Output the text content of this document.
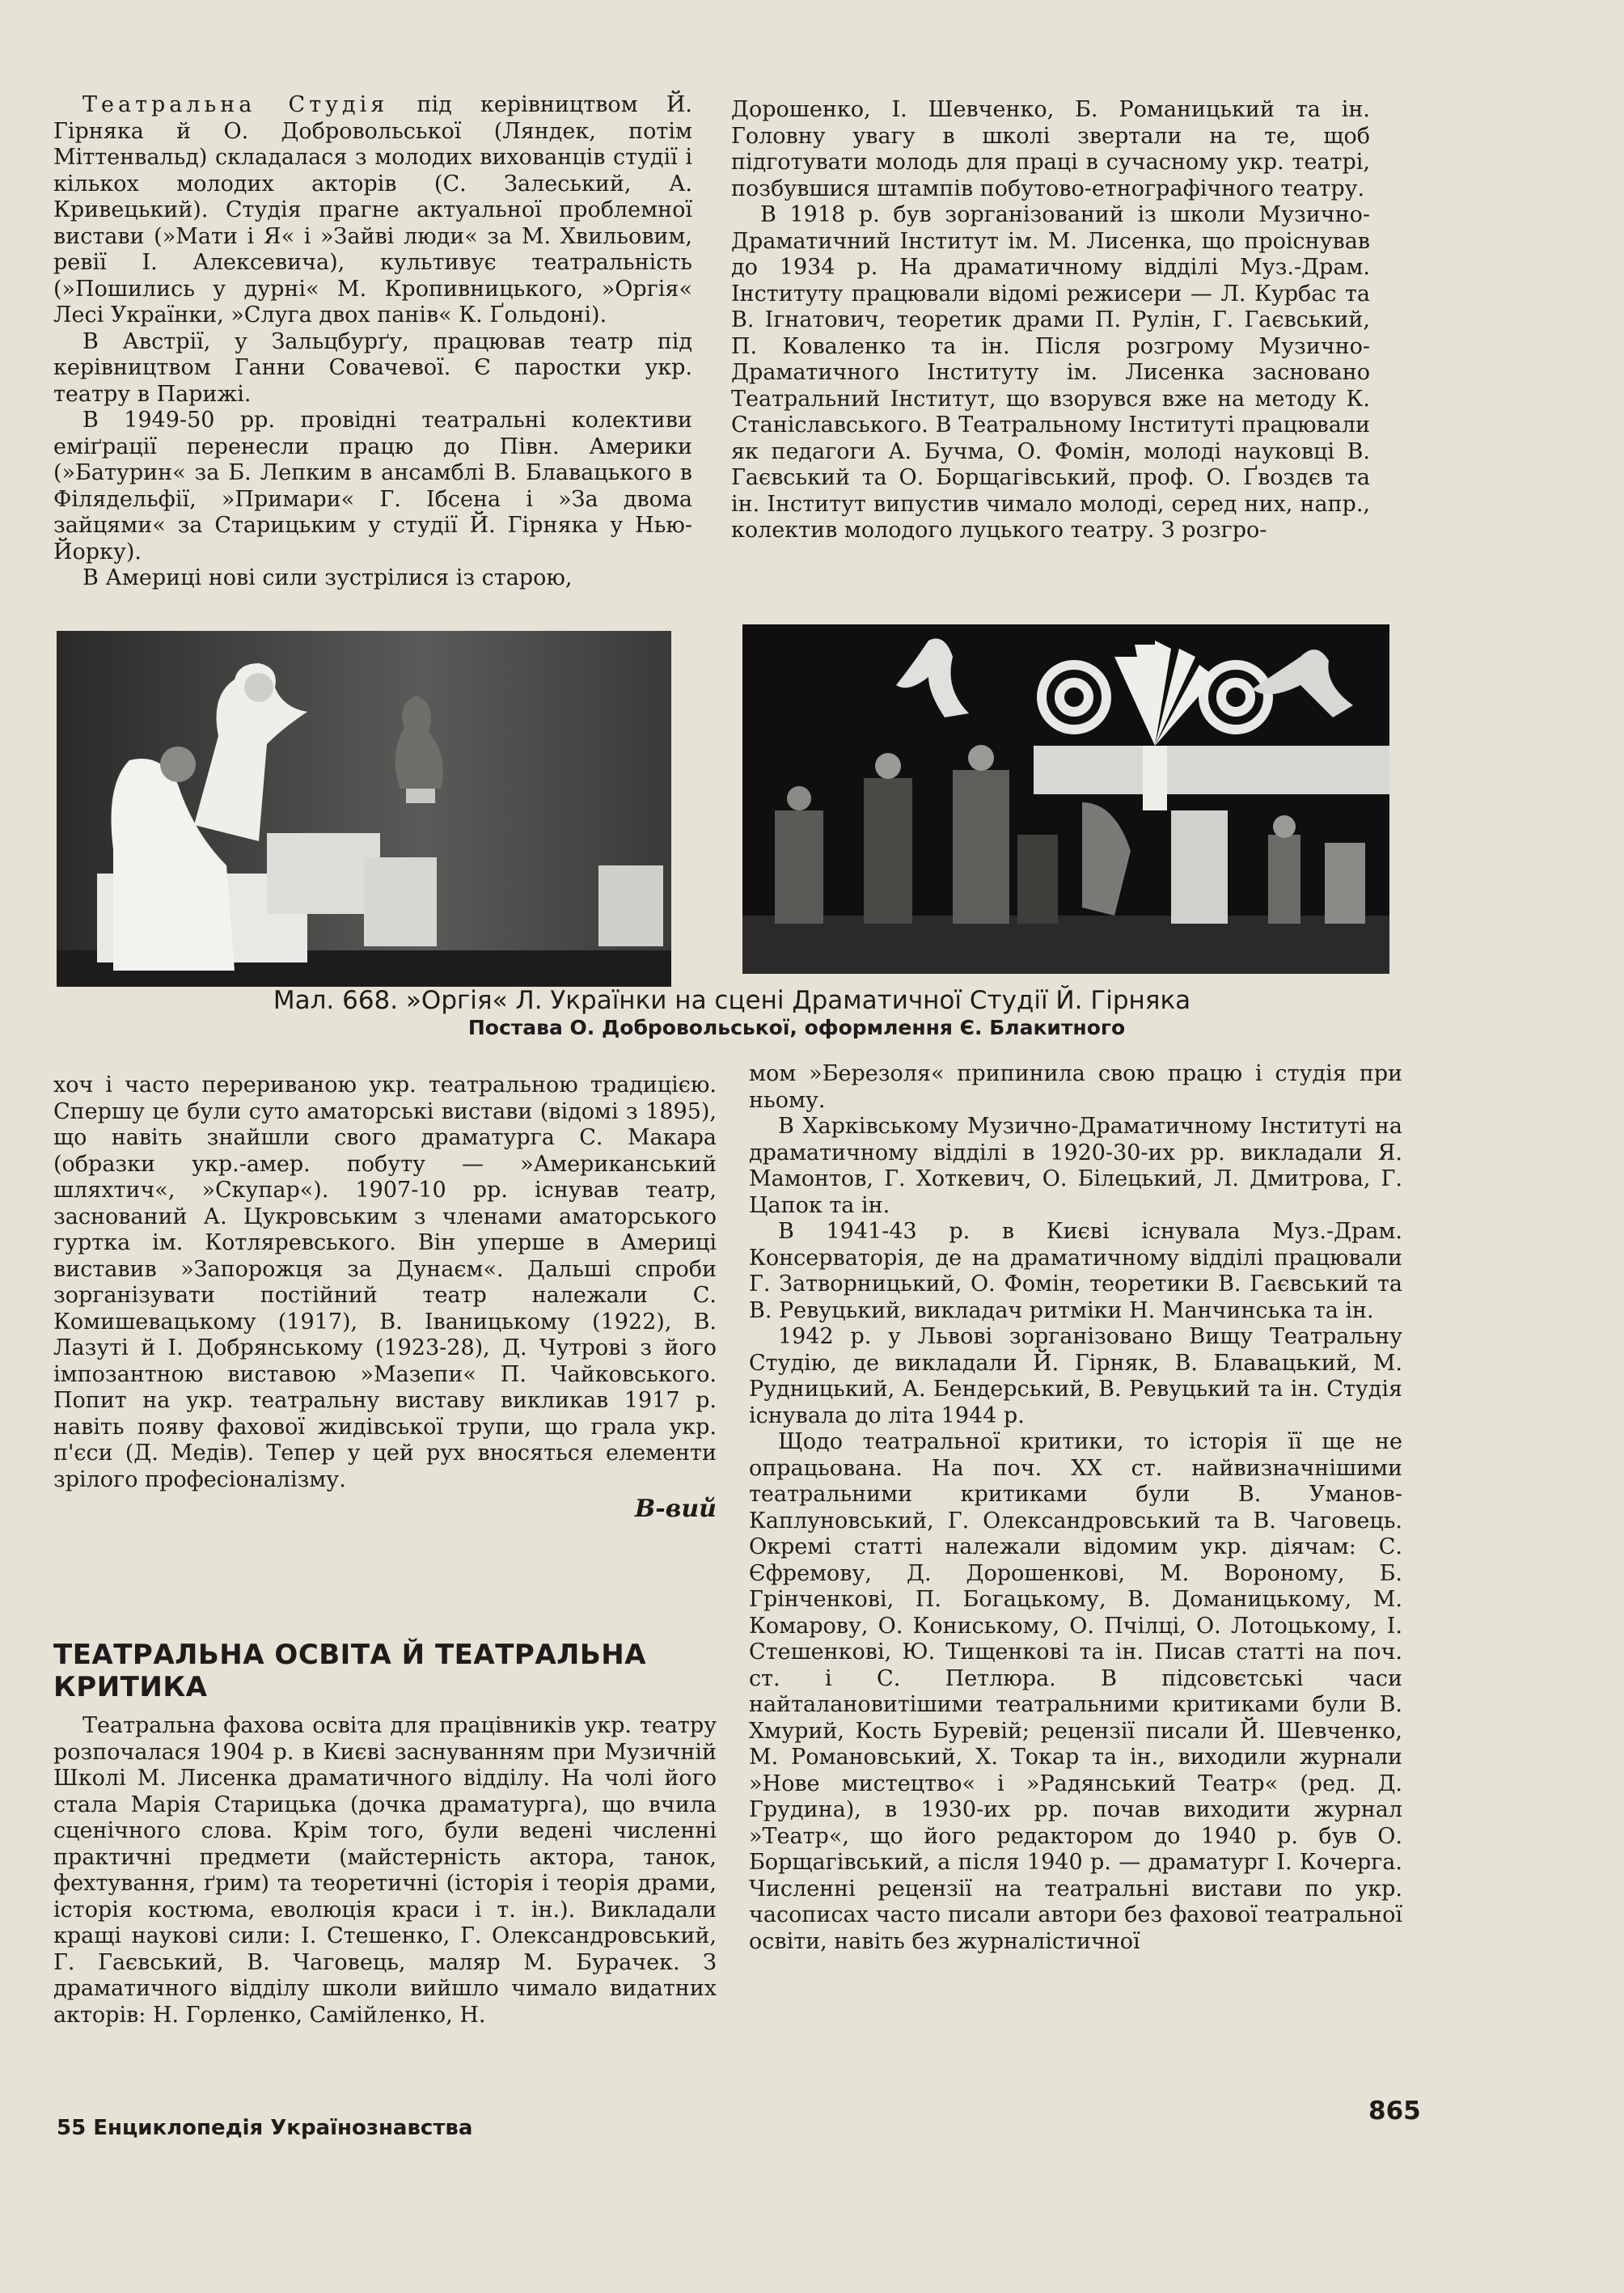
Театральна Студія під керівництвом Й. Гірняка й О. Добровольської (Ляндек, потім Міттенвальд) складалася з молодих вихованців студії і кількох молодих акторів (С. Залеський, А. Кривецький). Студія прагне актуальної проблемної вистави (»Мати і Я« і »Зайві люди« за М. Хвильовим, ревії І. Алексевича), культивує театральність (»Пошились у дурні« М. Кропивницького, »Оргія« Лесі Українки, »Слуга двох панів« К. Ґольдоні).

В Австрії, у Зальцбурґу, працював театр під керівництвом Ганни Совачевої. Є паростки укр. театру в Парижі.

В 1949-50 рр. провідні театральні колективи еміґрації перенесли працю до Півн. Америки (»Батурин« за Б. Лепким в ансамблі В. Блавацького в Філядельфії, »Примари« Г. Ібсена і »За двома зайцями« за Старицьким у студії Й. Гірняка у Нью-Йорку).

В Америці нові сили зустрілися із старою,

Дорошенко, І. Шевченко, Б. Романицький та ін. Головну увагу в школі звертали на те, щоб підготувати молодь для праці в сучасному укр. театрі, позбувшися штампів побутово-етнографічного театру.

В 1918 р. був зорганізований із школи Музично-Драматичний Інститут ім. М. Лисенка, що проіснував до 1934 р. На драматичному відділі Муз.-Драм. Інституту працювали відомі режисери — Л. Курбас та В. Ігнатович, теоретик драми П. Рулін, Г. Гаєвський, П. Коваленко та ін. Після розгрому Музично-Драматичного Інституту ім. Лисенка засновано Театральний Інститут, що взорувся вже на методу К. Станіславського. В Театральному Інституті працювали як педагоги А. Бучма, О. Фомін, молоді науковці В. Гаєвський та О. Борщагівський, проф. О. Ґвоздєв та ін. Інститут випустив чимало молоді, серед них, напр., колектив молодого луцького театру. З розгро-

Мал. 668. »Оргія« Л. Українки на сцені Драматичної Студії Й. Гірняка
Постава О. Добровольської, оформлення Є. Блакитного

хоч і часто перериваною укр. театральною традицією. Спершу це були суто аматорські вистави (відомі з 1895), що навіть знайшли свого драматурга С. Макара (образки укр.-амер. побуту — »Американський шляхтич«, »Скупар«). 1907-10 рр. існував театр, заснований А. Цукровським з членами аматорського гуртка ім. Котляревського. Він уперше в Америці виставив »Запорожця за Дунаєм«. Дальші спроби зорганізувати постійний театр належали С. Комишевацькому (1917), В. Іваницькому (1922), В. Лазуті й І. Добрянському (1923-28), Д. Чутрові з його імпозантною виставою »Мазепи« П. Чайковського. Попит на укр. театральну виставу викликав 1917 р. навіть появу фахової жидівської трупи, що грала укр. п'єси (Д. Медів). Тепер у цей рух вносяться елементи зрілого професіоналізму.

В-вий
ТЕАТРАЛЬНА ОСВІТА Й ТЕАТРАЛЬНА КРИТИКА

Театральна фахова освіта для працівників укр. театру розпочалася 1904 р. в Києві заснуванням при Музичній Школі М. Лисенка драматичного відділу. На чолі його стала Марія Старицька (дочка драматурга), що вчила сценічного слова. Крім того, були ведені численні практичні предмети (майстерність актора, танок, фехтування, ґрим) та теоретичні (історія і теорія драми, історія костюма, еволюція краси і т. ін.). Викладали кращі наукові сили: І. Стешенко, Г. Олександровський, Г. Гаєвський, В. Чаговець, маляр М. Бурачек. З драматичного відділу школи вийшло чимало видатних акторів: Н. Горленко, Самійленко, Н.

мом »Березоля« припинила свою працю і студія при ньому.

В Харківському Музично-Драматичному Інституті на драматичному відділі в 1920-30-их рр. викладали Я. Мамонтов, Г. Хоткевич, О. Білецький, Л. Дмитрова, Г. Цапок та ін.

В 1941-43 р. в Києві існувала Муз.-Драм. Консерваторія, де на драматичному відділі працювали Г. Затворницький, О. Фомін, теоретики В. Гаєвський та В. Ревуцький, викладач ритміки Н. Манчинська та ін.

1942 р. у Львові зорганізовано Вищу Театральну Студію, де викладали Й. Гірняк, В. Блавацький, М. Рудницький, А. Бендерський, В. Ревуцький та ін. Студія існувала до літа 1944 р.

Щодо театральної критики, то історія її ще не опрацьована. На поч. XX ст. найвизначнішими театральними критиками були В. Уманов-Каплуновський, Г. Олександровський та В. Чаговець. Окремі статті належали відомим укр. діячам: С. Єфремову, Д. Дорошенкові, М. Вороному, Б. Грінченкові, П. Богацькому, В. Доманицькому, М. Комарову, О. Кониському, О. Пчілці, О. Лотоцькому, І. Стешенкові, Ю. Тищенкові та ін. Писав статті на поч. ст. і С. Петлюра. В підсовєтські часи найталановитішими театральними критиками були В. Хмурий, Кость Буревій; рецензії писали Й. Шевченко, М. Романовський, Х. Токар та ін., виходили журнали »Нове мистецтво« і »Радянський Театр« (ред. Д. Грудина), в 1930-их рр. почав виходити журнал »Театр«, що його редактором до 1940 р. був О. Борщагівський, а після 1940 р. — драматург І. Кочерга. Численні рецензії на театральні вистави по укр. часописах часто писали автори без фахової театральної освіти, навіть без журналістичної

55 Енциклопедія Українознавства
865
